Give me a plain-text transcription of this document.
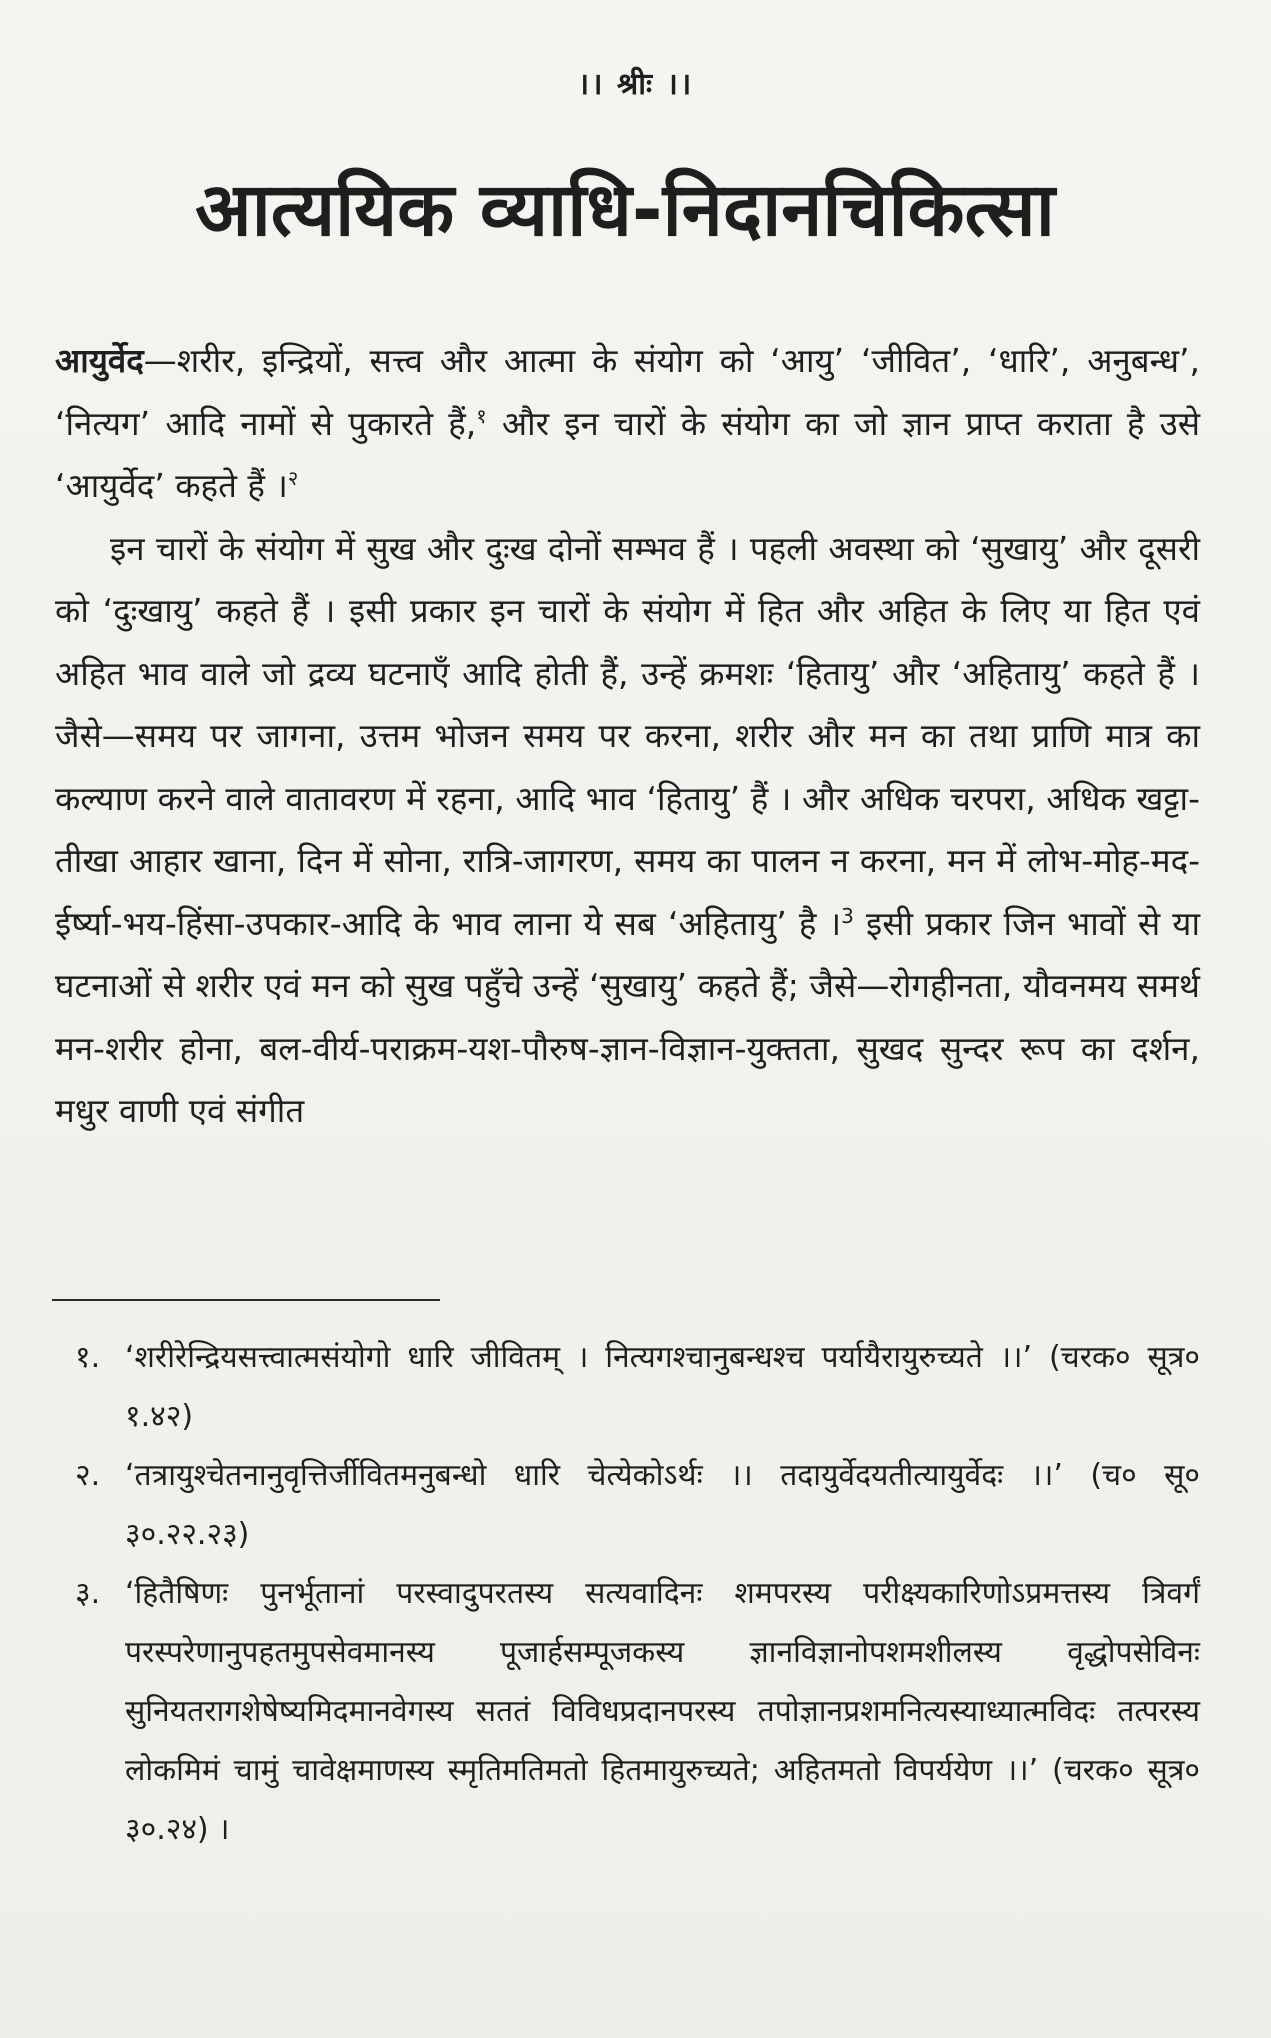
।। श्रीः ।।
आत्ययिक व्याधि-निदानचिकित्सा

आयुर्वेद—शरीर, इन्द्रियों, सत्त्व और आत्मा के संयोग को ‘आयु’ ‘जीवित’, ‘धारि’, अनुबन्ध’, ‘नित्यग’ आदि नामों से पुकारते हैं,$^१$ और इन चारों के संयोग का जो ज्ञान प्राप्त कराता है उसे ‘आयुर्वेद’ कहते हैं ।$^२$

इन चारों के संयोग में सुख और दुःख दोनों सम्भव हैं । पहली अवस्था को ‘सुखायु’ और दूसरी को ‘दुःखायु’ कहते हैं । इसी प्रकार इन चारों के संयोग में हित और अहित के लिए या हित एवं अहित भाव वाले जो द्रव्य घटनाएँ आदि होती हैं, उन्हें क्रमशः ‘हितायु’ और ‘अहितायु’ कहते हैं । जैसे—समय पर जागना, उत्तम भोजन समय पर करना, शरीर और मन का तथा प्राणि मात्र का कल्याण करने वाले वातावरण में रहना, आदि भाव ‘हितायु’ हैं । और अधिक चरपरा, अधिक खट्टा-तीखा आहार खाना, दिन में सोना, रात्रि-जागरण, समय का पालन न करना, मन में लोभ-मोह-मद-ईर्ष्या-भय-हिंसा-उपकार-आदि के भाव लाना ये सब ‘अहितायु’ है ।$^3$ इसी प्रकार जिन भावों से या घटनाओं से शरीर एवं मन को सुख पहुँचे उन्हें ‘सुखायु’ कहते हैं; जैसे—रोगहीनता, यौवनमय समर्थ मन-शरीर होना, बल-वीर्य-पराक्रम-यश-पौरुष-ज्ञान-विज्ञान-युक्तता, सुखद सुन्दर रूप का दर्शन, मधुर वाणी एवं संगीत

१. ‘शरीरेन्द्रियसत्त्वात्मसंयोगो धारि जीवितम् । नित्यगश्चानुबन्धश्च पर्यायैरायुरुच्यते ।।’ (चरक० सूत्र० १.४२)
२. ‘तत्रायुश्चेतनानुवृत्तिर्जीवितमनुबन्धो धारि चेत्येकोऽर्थः ।। तदायुर्वेदयतीत्यायुर्वेदः ।।’ (च० सू० ३०.२२.२३)
३. ‘हितैषिणः पुनर्भूतानां परस्वादुपरतस्य सत्यवादिनः शमपरस्य परीक्ष्यकारिणोऽप्रमत्तस्य त्रिवर्गं परस्परेणानुपहतमुपसेवमानस्य पूजार्हसम्पूजकस्य ज्ञानविज्ञानोपशमशीलस्य वृद्धोपसेविनः सुनियतरागशेषेष्यमिदमानवेगस्य सततं विविधप्रदानपरस्य तपोज्ञानप्रशमनित्यस्याध्यात्मविदः तत्परस्य लोकमिमं चामुं चावेक्षमाणस्य स्मृतिमतिमतो हितमायुरुच्यते; अहितमतो विपर्ययेण ।।’ (चरक० सूत्र० ३०.२४) ।
